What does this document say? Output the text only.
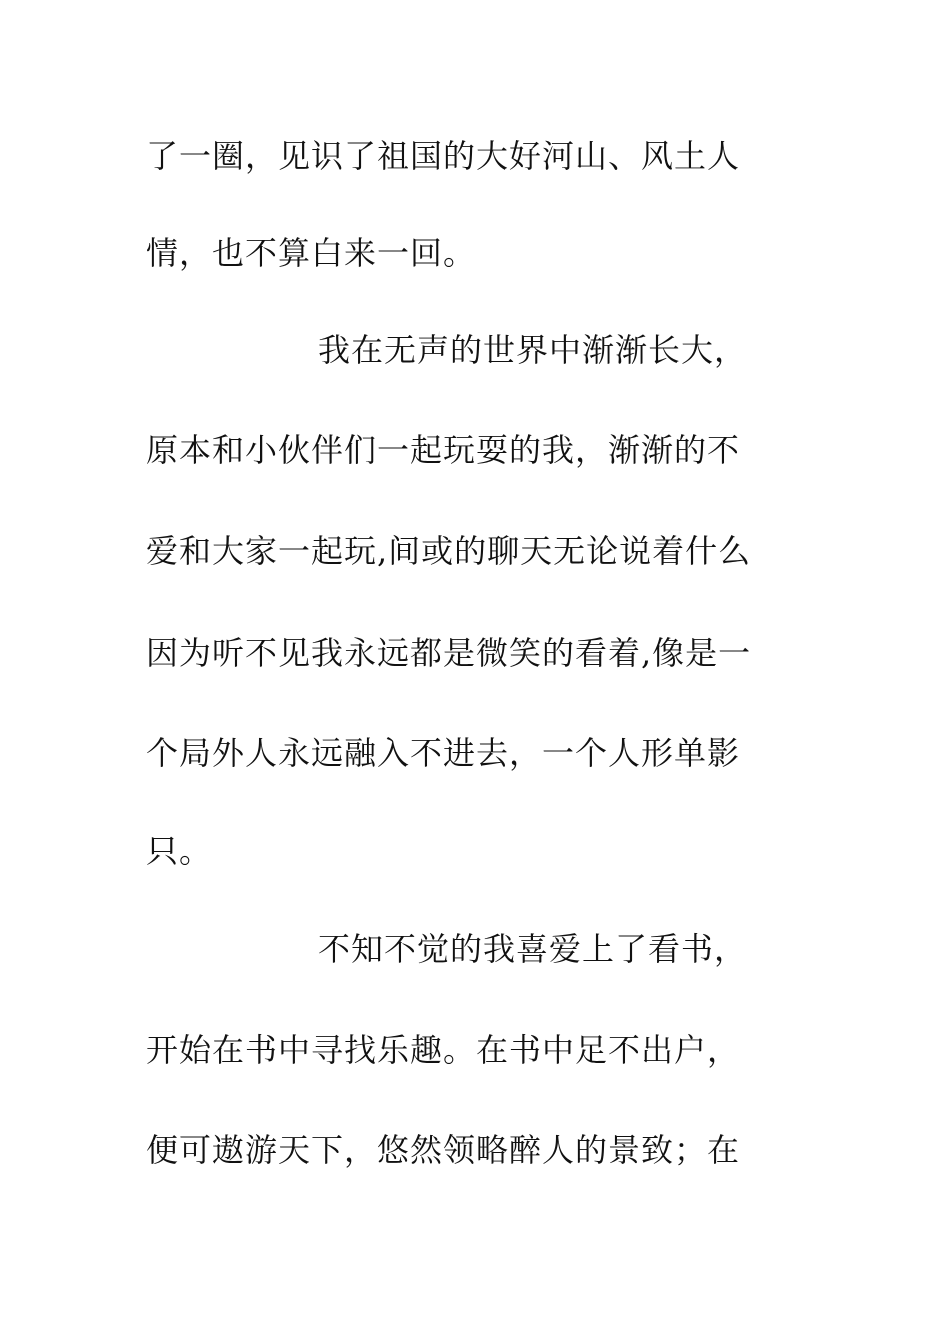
了一圈，见识了祖国的大好河山、风土人
情，也不算白来一回。
我在无声的世界中渐渐长大，
原本和小伙伴们一起玩耍的我，渐渐的不
爱和大家一起玩,间或的聊天无论说着什么
因为听不见我永远都是微笑的看着,像是一
个局外人永远融入不进去，一个人形单影
只。
不知不觉的我喜爱上了看书，
开始在书中寻找乐趣。在书中足不出户，
便可遨游天下，悠然领略醉人的景致；在
